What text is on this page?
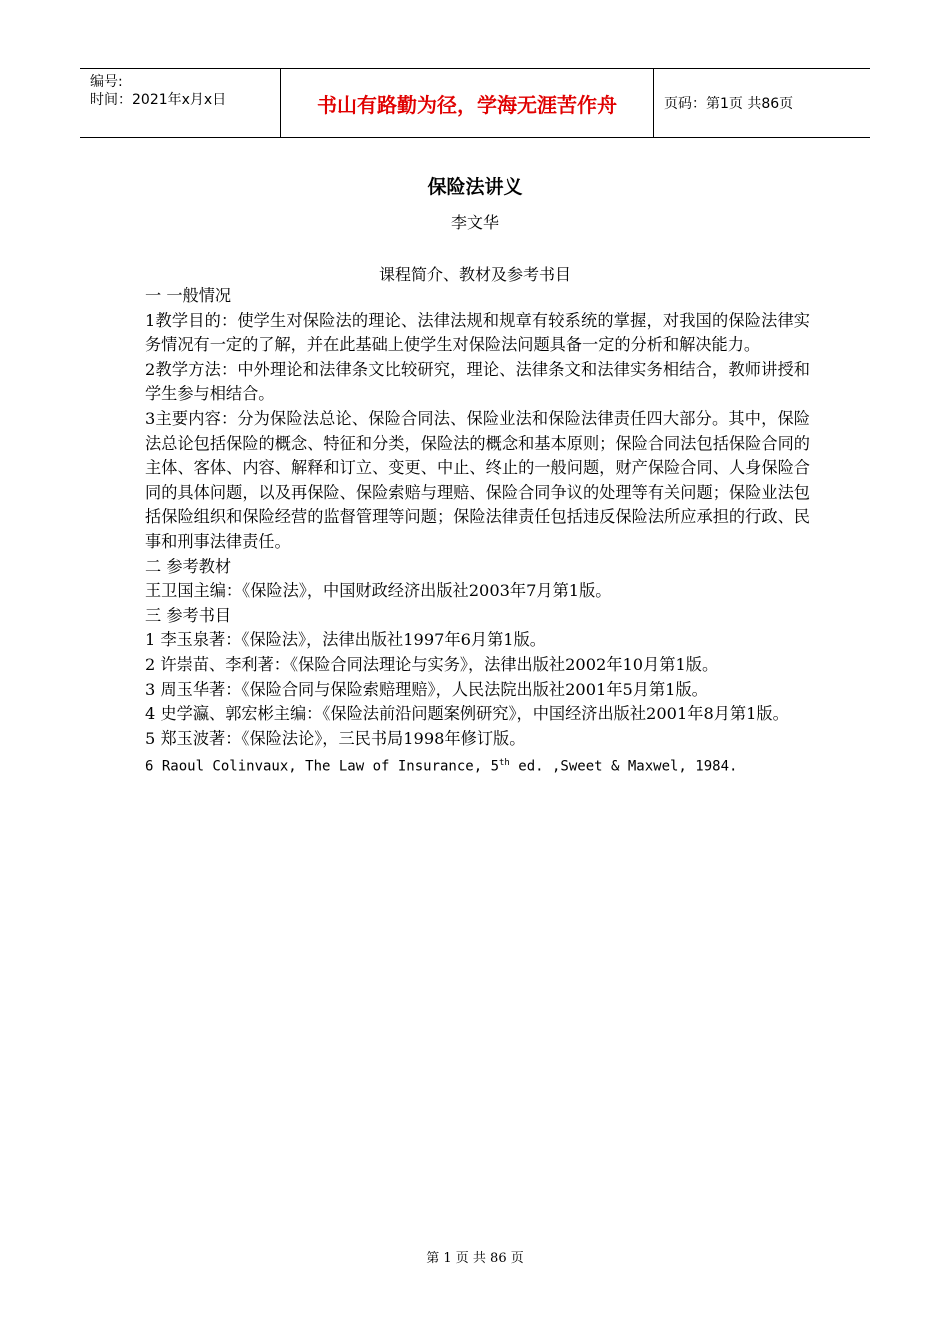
编号:
时间：2021年x月x日	书山有路勤为径，学海无涯苦作舟	页码：第1页 共86页
保险法讲义
李文华
课程简介、教材及参考书目

一 一般情况

1教学目的：使学生对保险法的理论、法律法规和规章有较系统的掌握，对我国的保险法律实务情况有一定的了解，并在此基础上使学生对保险法问题具备一定的分析和解决能力。

2教学方法：中外理论和法律条文比较研究，理论、法律条文和法律实务相结合，教师讲授和学生参与相结合。

3主要内容：分为保险法总论、保险合同法、保险业法和保险法律责任四大部分。其中，保险法总论包括保险的概念、特征和分类，保险法的概念和基本原则；保险合同法包括保险合同的主体、客体、内容、解释和订立、变更、中止、终止的一般问题，财产保险合同、人身保险合同的具体问题，以及再保险、保险索赔与理赔、保险合同争议的处理等有关问题；保险业法包括保险组织和保险经营的监督管理等问题；保险法律责任包括违反保险法所应承担的行政、民事和刑事法律责任。

二 参考教材

王卫国主编：《保险法》，中国财政经济出版社2003年7月第1版。

三 参考书目

1 李玉泉著：《保险法》，法律出版社1997年6月第1版。

2 许崇苗、李利著：《保险合同法理论与实务》，法律出版社2002年10月第1版。

3 周玉华著：《保险合同与保险索赔理赔》，人民法院出版社2001年5月第1版。

4 史学瀛、郭宏彬主编：《保险法前沿问题案例研究》，中国经济出版社2001年8月第1版。

5 郑玉波著：《保险法论》，三民书局1998年修订版。

6 Raoul Colinvaux, The Law of Insurance, 5th ed. ,Sweet & Maxwel, 1984.

第 1 页 共 86 页
